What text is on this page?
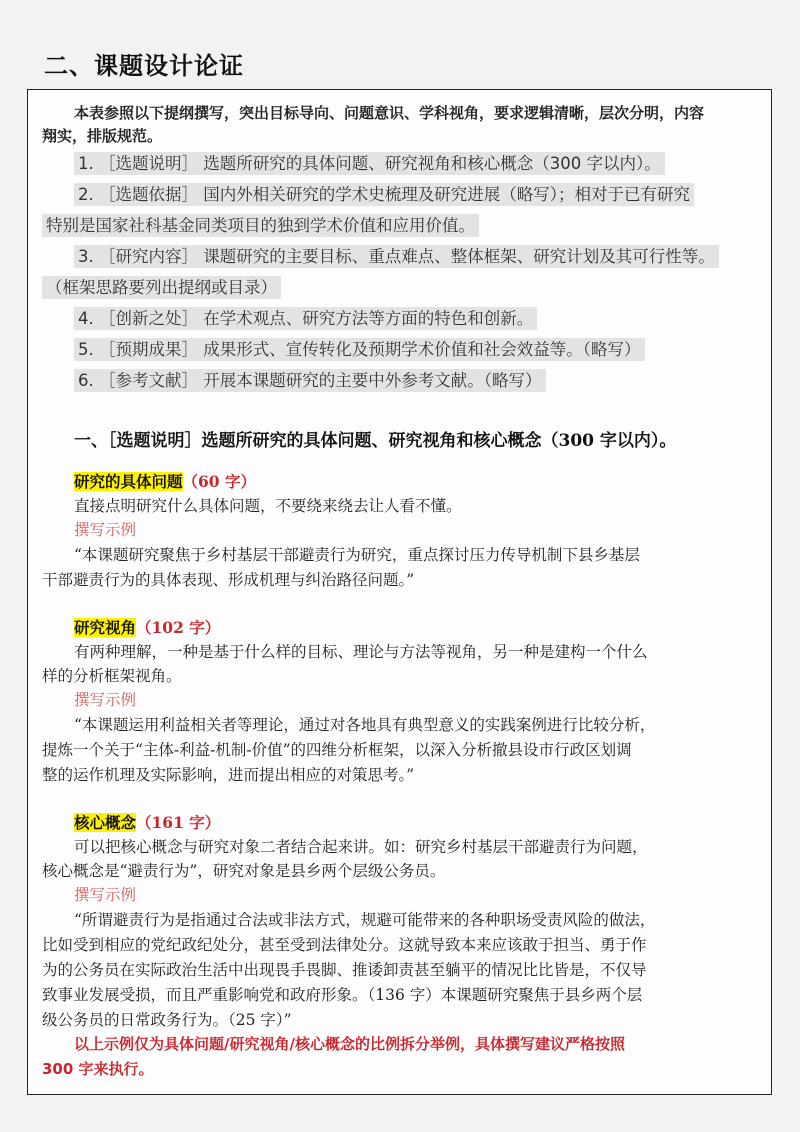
二、课题设计论证
本表参照以下提纲撰写，突出目标导向、问题意识、学科视角，要求逻辑清晰，层次分明，内容
翔实，排版规范。
1. ［选题说明］ 选题所研究的具体问题、研究视角和核心概念（300 字以内）。
2. ［选题依据］ 国内外相关研究的学术史梳理及研究进展（略写）；相对于已有研究
特别是国家社科基金同类项目的独到学术价值和应用价值。
3. ［研究内容］ 课题研究的主要目标、重点难点、整体框架、研究计划及其可行性等。
（框架思路要列出提纲或目录）
4. ［创新之处］ 在学术观点、研究方法等方面的特色和创新。
5. ［预期成果］ 成果形式、宣传转化及预期学术价值和社会效益等。（略写）
6. ［参考文献］ 开展本课题研究的主要中外参考文献。（略写）
一、［选题说明］选题所研究的具体问题、研究视角和核心概念（300 字以内）。
研究的具体问题（60 字）
直接点明研究什么具体问题，不要绕来绕去让人看不懂。
撰写示例
“本课题研究聚焦于乡村基层干部避责行为研究，重点探讨压力传导机制下县乡基层
干部避责行为的具体表现、形成机理与纠治路径问题。”
研究视角（102 字）
有两种理解，一种是基于什么样的目标、理论与方法等视角，另一种是建构一个什么
样的分析框架视角。
撰写示例
“本课题运用利益相关者等理论，通过对各地具有典型意义的实践案例进行比较分析，
提炼一个关于“主体-利益-机制-价值”的四维分析框架，以深入分析撤县设市行政区划调
整的运作机理及实际影响，进而提出相应的对策思考。”
核心概念（161 字）
可以把核心概念与研究对象二者结合起来讲。如：研究乡村基层干部避责行为问题，
核心概念是“避责行为”，研究对象是县乡两个层级公务员。
撰写示例
“所谓避责行为是指通过合法或非法方式，规避可能带来的各种职场受责风险的做法，
比如受到相应的党纪政纪处分，甚至受到法律处分。这就导致本来应该敢于担当、勇于作
为的公务员在实际政治生活中出现畏手畏脚、推诿卸责甚至躺平的情况比比皆是，不仅导
致事业发展受损，而且严重影响党和政府形象。（136 字）本课题研究聚焦于县乡两个层
级公务员的日常政务行为。（25 字）”
以上示例仅为具体问题/研究视角/核心概念的比例拆分举例，具体撰写建议严格按照
300 字来执行。
